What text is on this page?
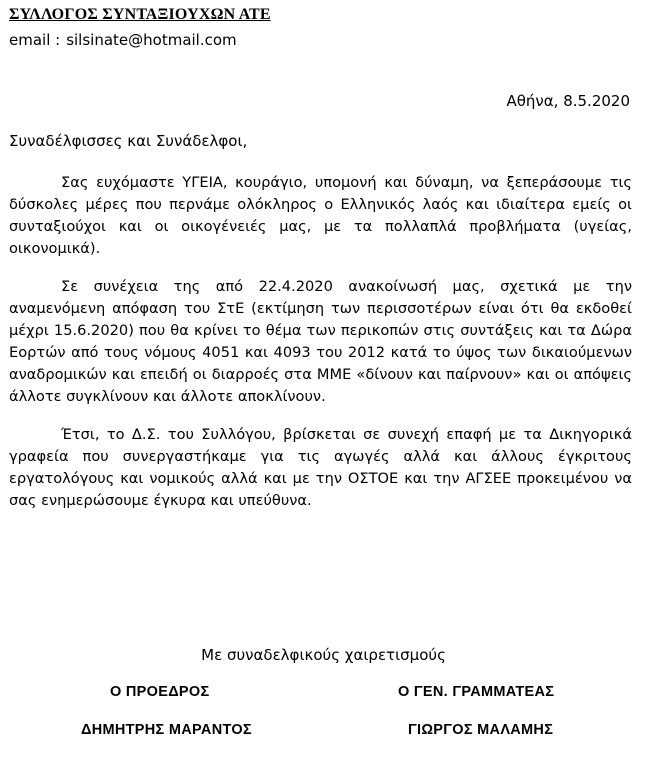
ΣΥΛΛΟΓΟΣ ΣΥΝΤΑΞΙΟΥΧΩΝ ΑΤΕ
email : silsinate@hotmail.com
Αθήνα, 8.5.2020
Συναδέλφισσες και Συνάδελφοι,

Σας ευχόμαστε ΥΓΕΙΑ, κουράγιο, υπομονή και δύναμη, να ξεπεράσουμε τις δύσκολες μέρες που περνάμε ολόκληρος ο Ελληνικός λαός και ιδιαίτερα εμείς οι συνταξιούχοι και οι οικογένειές μας, με τα πολλαπλά προβλήματα (υγείας, οικονομικά).

Σε συνέχεια της από 22.4.2020 ανακοίνωσή μας, σχετικά με την αναμενόμενη απόφαση του ΣτΕ (εκτίμηση των περισσοτέρων είναι ότι θα εκδοθεί μέχρι 15.6.2020) που θα κρίνει το θέμα των περικοπών στις συντάξεις και τα Δώρα Εορτών από τους νόμους 4051 και 4093 του 2012 κατά το ύψος των δικαιούμενων αναδρομικών και επειδή οι διαρροές στα ΜΜΕ «δίνουν και παίρνουν» και οι απόψεις άλλοτε συγκλίνουν και άλλοτε αποκλίνουν.

Έτσι, το Δ.Σ. του Συλλόγου, βρίσκεται σε συνεχή επαφή με τα Δικηγορικά γραφεία που συνεργαστήκαμε για τις αγωγές αλλά και άλλους έγκριτους εργατολόγους και νομικούς αλλά και με την ΟΣΤΟΕ και την ΑΓΣΕΕ προκειμένου να σας ενημερώσουμε έγκυρα και υπεύθυνα.

Με συναδελφικούς χαιρετισμούς
Ο ΠΡΟΕΔΡΟΣ
ΔΗΜΗΤΡΗΣ ΜΑΡΑΝΤΟΣ
Ο ΓΕΝ. ΓΡΑΜΜΑΤΕΑΣ
ΓΙΩΡΓΟΣ ΜΑΛΑΜΗΣ
